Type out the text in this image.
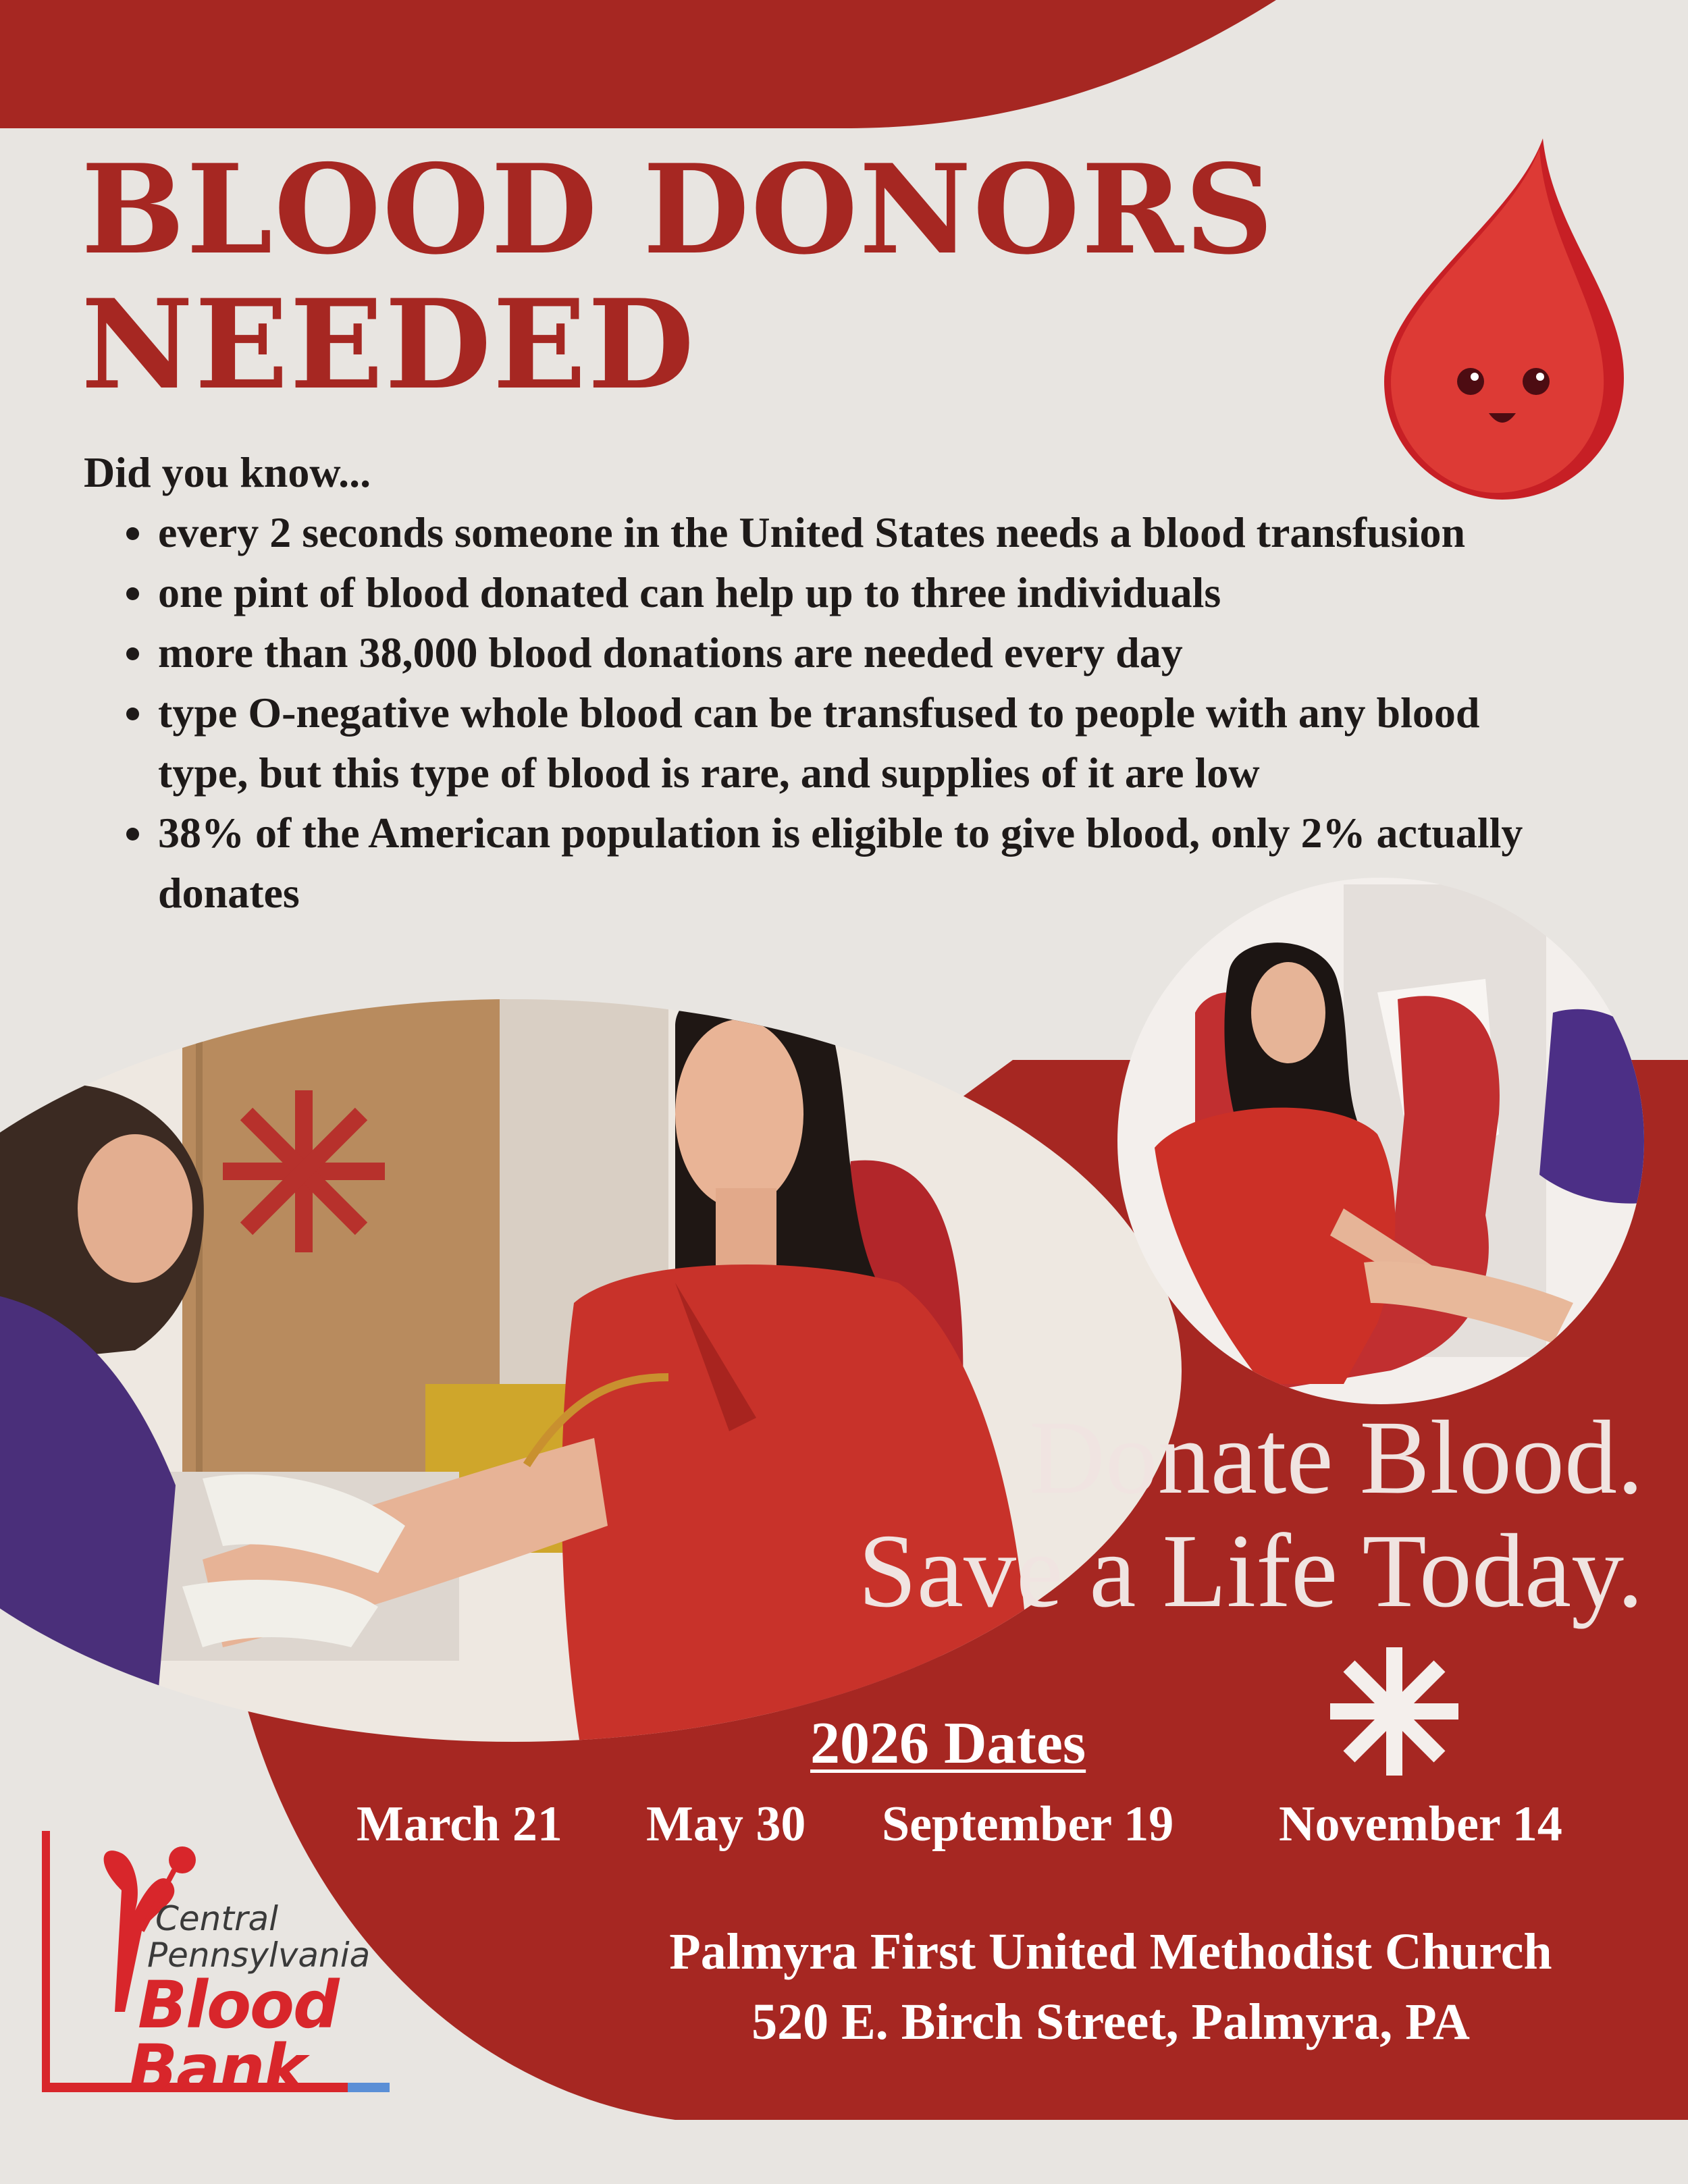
BLOOD DONORS
NEEDED
Did you know...
• every 2 seconds someone in the United States needs a blood transfusion
• one pint of blood donated can help up to three individuals
• more than 38,000 blood donations are needed every day
• type O-negative whole blood can be transfused to people with any blood type, but this type of blood is rare, and supplies of it are low
• 38% of the American population is eligible to give blood, only 2% actually donates
Donate Blood.
Save a Life Today.
2026 Dates
March 21 May 30 September 19 November 14
Palmyra First United Methodist Church
520 E. Birch Street, Palmyra, PA
Central
Pennsylvania
Blood
Bank
